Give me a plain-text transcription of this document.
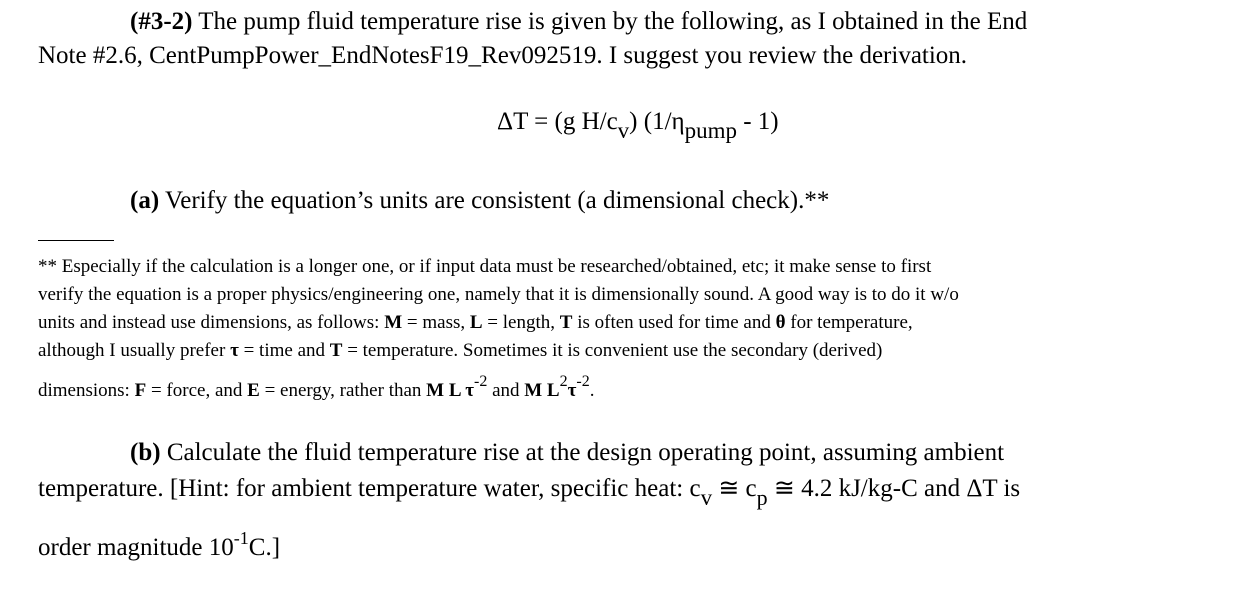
(#3-2) The pump fluid temperature rise is given by the following, as I obtained in the End
Note #2.6, CentPumpPower_EndNotesF19_Rev092519. I suggest you review the derivation.
ΔT = (g H/cv) (1/ηpump - 1)
(a) Verify the equation’s units are consistent (a dimensional check).**
** Especially if the calculation is a longer one, or if input data must be researched/obtained, etc; it make sense to first
verify the equation is a proper physics/engineering one, namely that it is dimensionally sound. A good way is to do it w/o
units and instead use dimensions, as follows: M = mass, L = length, T is often used for time and θ for temperature,
although I usually prefer τ = time and T = temperature. Sometimes it is convenient use the secondary (derived)
dimensions: F = force, and E = energy, rather than M L $\tau^{-2}$ and M $L^2\tau^{-2}$.
(b) Calculate the fluid temperature rise at the design operating point, assuming ambient
temperature. [Hint: for ambient temperature water, specific heat: cv ≅ cp ≅ 4.2 kJ/kg-C and ΔT is
order magnitude $10^{-1}C$.]
